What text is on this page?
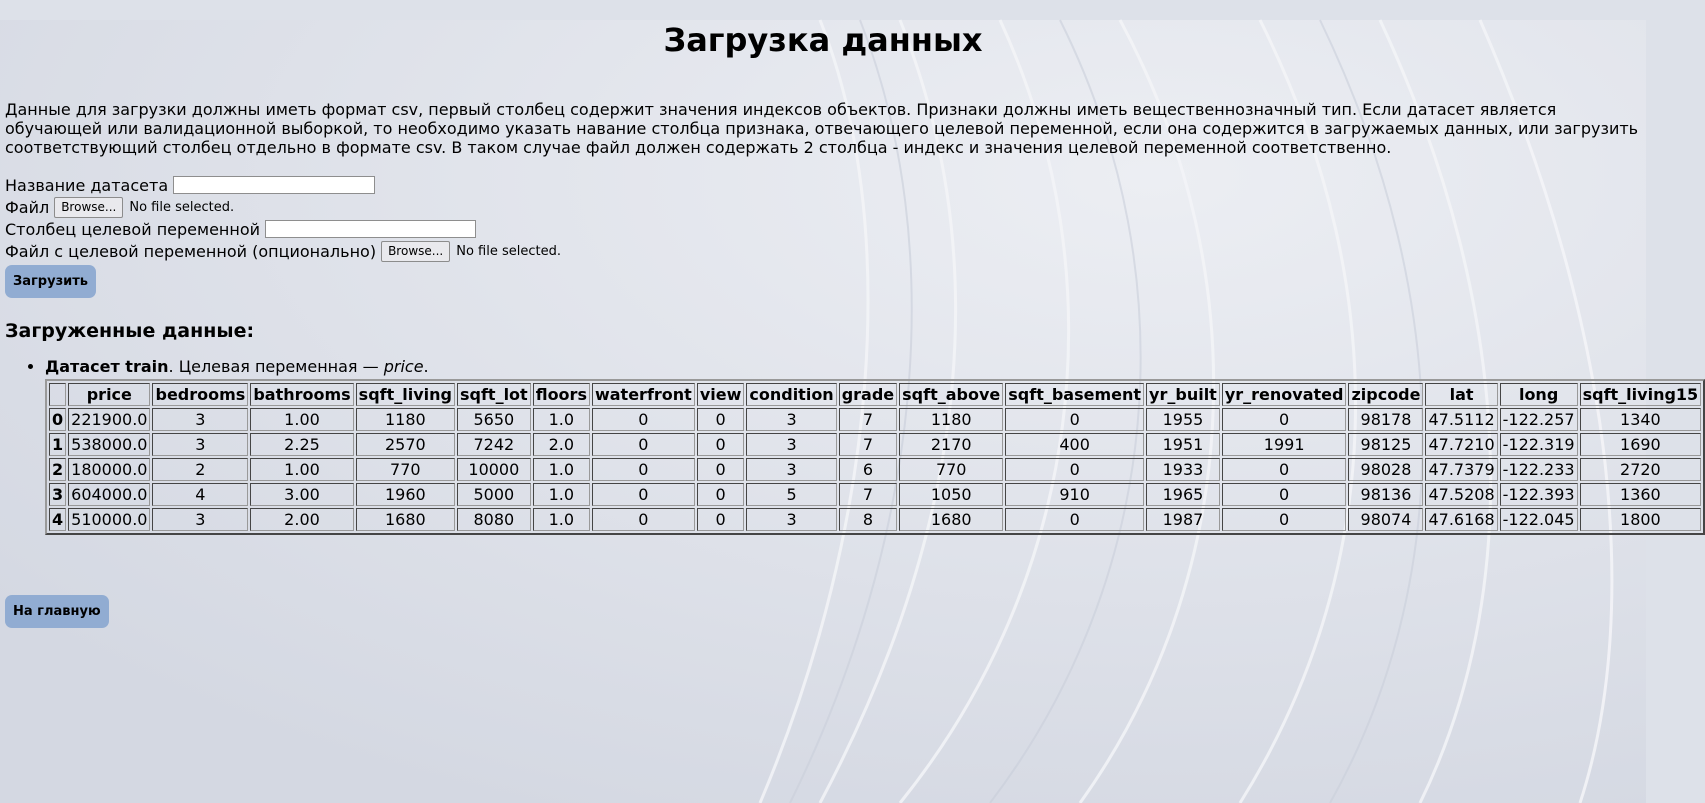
Загрузка данных

Данные для загрузки должны иметь формат csv, первый столбец содержит значения индексов объектов. Признаки должны иметь вещественнозначный тип. Если датасет является обучающей или валидационной выборкой, то необходимо указать навание столбца признака, отвечающего целевой переменной, если она содержится в загружаемых данных, или загрузить соответствующий столбец отдельно в формате csv. В таком случае файл должен содержать 2 столбца - индекс и значения целевой переменной соответственно.

Название датасета
Файл	Browse...	No file selected.
Столбец целевой переменной
Файл с целевой переменной (опционально)	Browse...	No file selected.
Загрузить
Загруженные данные:
• Датасет train. Целевая переменная — price.
	price	bedrooms	bathrooms	sqft_living	sqft_lot	floors	waterfront	view	condition	grade	sqft_above	sqft_basement	yr_built	yr_renovated	zipcode	lat	long	sqft_living15
0	221900.0	3	1.00	1180	5650	1.0	0	0	3	7	1180	0	1955	0	98178	47.5112	-122.257	1340
1	538000.0	3	2.25	2570	7242	2.0	0	0	3	7	2170	400	1951	1991	98125	47.7210	-122.319	1690
2	180000.0	2	1.00	770	10000	1.0	0	0	3	6	770	0	1933	0	98028	47.7379	-122.233	2720
3	604000.0	4	3.00	1960	5000	1.0	0	0	5	7	1050	910	1965	0	98136	47.5208	-122.393	1360
4	510000.0	3	2.00	1680	8080	1.0	0	0	3	8	1680	0	1987	0	98074	47.6168	-122.045	1800
На главную
